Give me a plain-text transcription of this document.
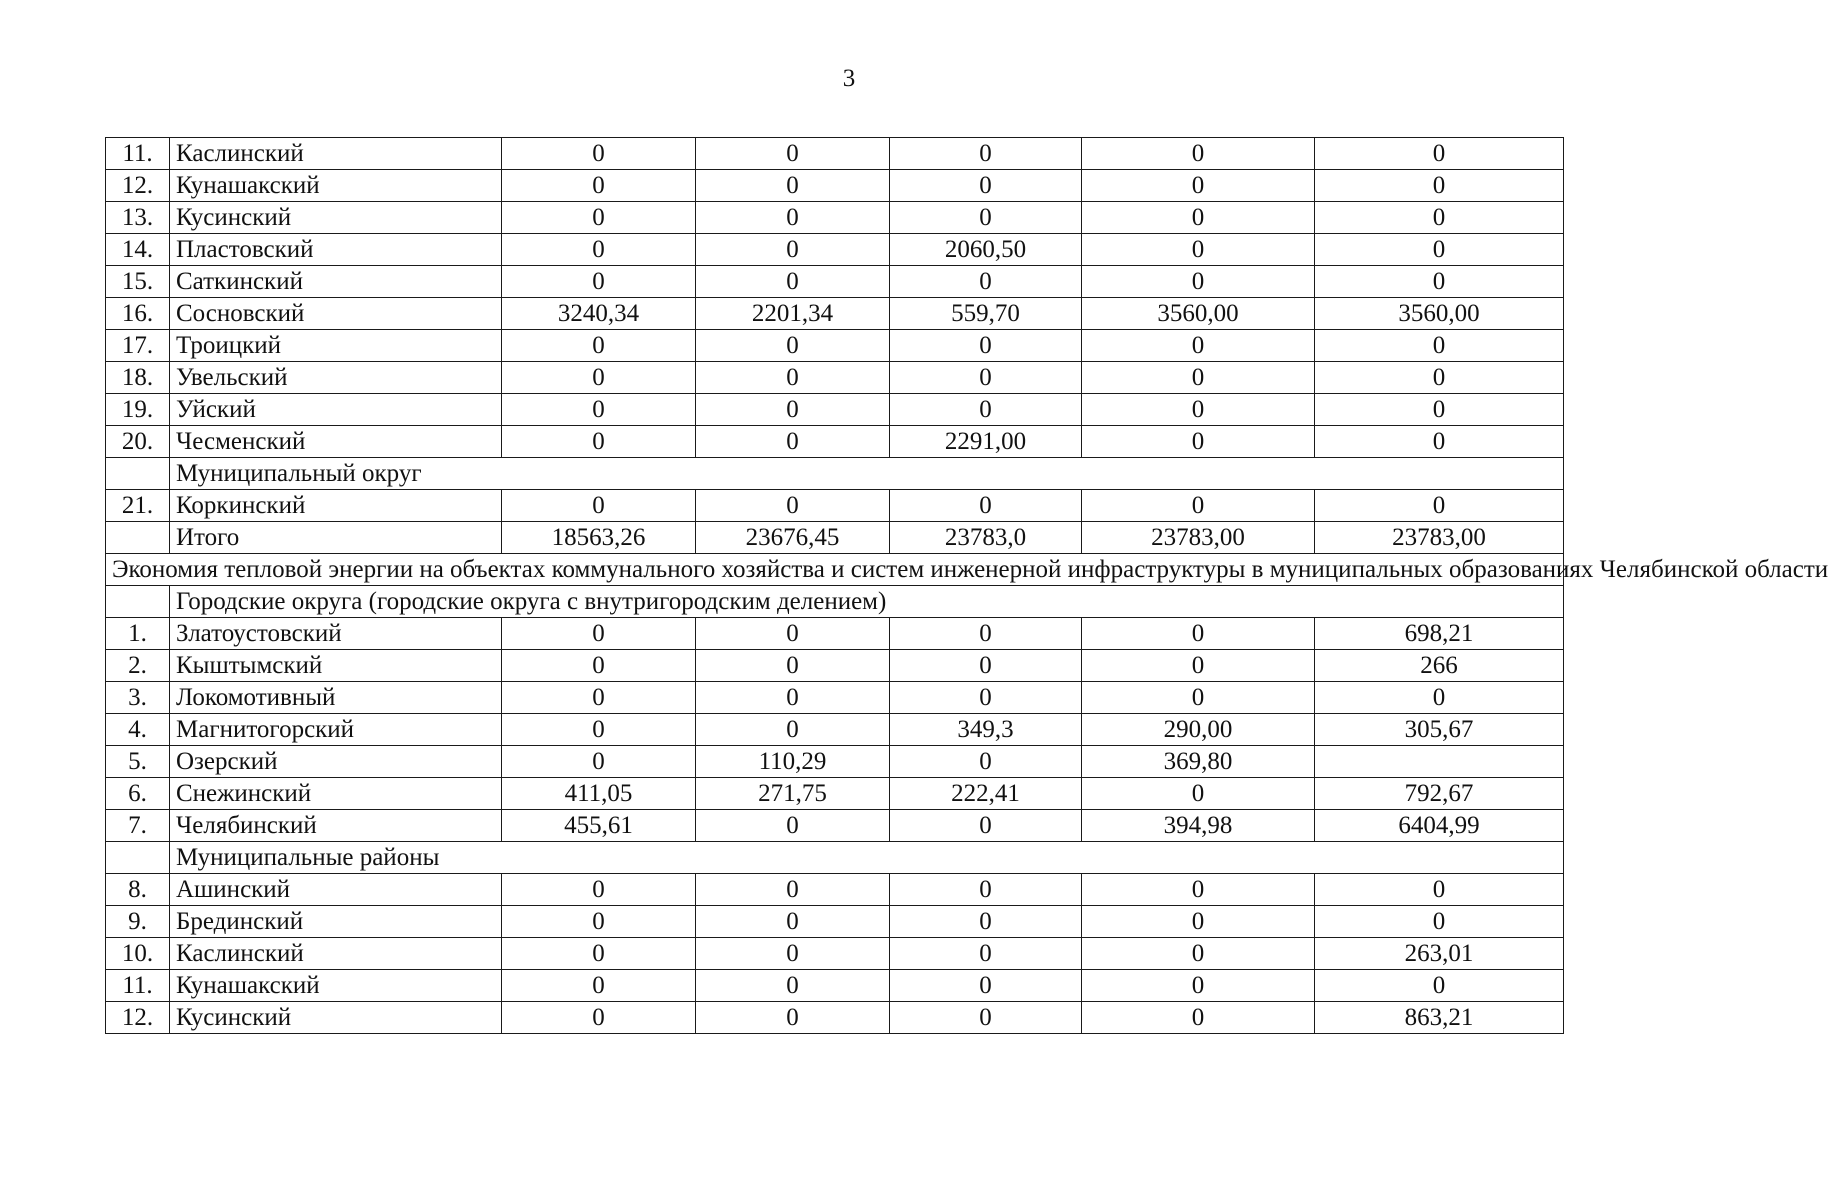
3
11.	Каслинский	0	0	0	0	0
12.	Кунашакский	0	0	0	0	0
13.	Кусинский	0	0	0	0	0
14.	Пластовский	0	0	2060,50	0	0
15.	Саткинский	0	0	0	0	0
16.	Сосновский	3240,34	2201,34	559,70	3560,00	3560,00
17.	Троицкий	0	0	0	0	0
18.	Увельский	0	0	0	0	0
19.	Уйский	0	0	0	0	0
20.	Чесменский	0	0	2291,00	0	0
	Муниципальный округ					
21.	Коркинский	0	0	0	0	0
	Итого	18563,26	23676,45	23783,0	23783,00	23783,00
Экономия тепловой энергии на объектах коммунального хозяйства и систем инженерной инфраструктуры в муниципальных образованиях Челябинской области						
	Городские округа (городские округа с внутригородским делением)					
1.	Златоустовский	0	0	0	0	698,21
2.	Кыштымский	0	0	0	0	266
3.	Локомотивный	0	0	0	0	0
4.	Магнитогорский	0	0	349,3	290,00	305,67
5.	Озерский	0	110,29	0	369,80	
6.	Снежинский	411,05	271,75	222,41	0	792,67
7.	Челябинский	455,61	0	0	394,98	6404,99
	Муниципальные районы					
8.	Ашинский	0	0	0	0	0
9.	Брединский	0	0	0	0	0
10.	Каслинский	0	0	0	0	263,01
11.	Кунашакский	0	0	0	0	0
12.	Кусинский	0	0	0	0	863,21
